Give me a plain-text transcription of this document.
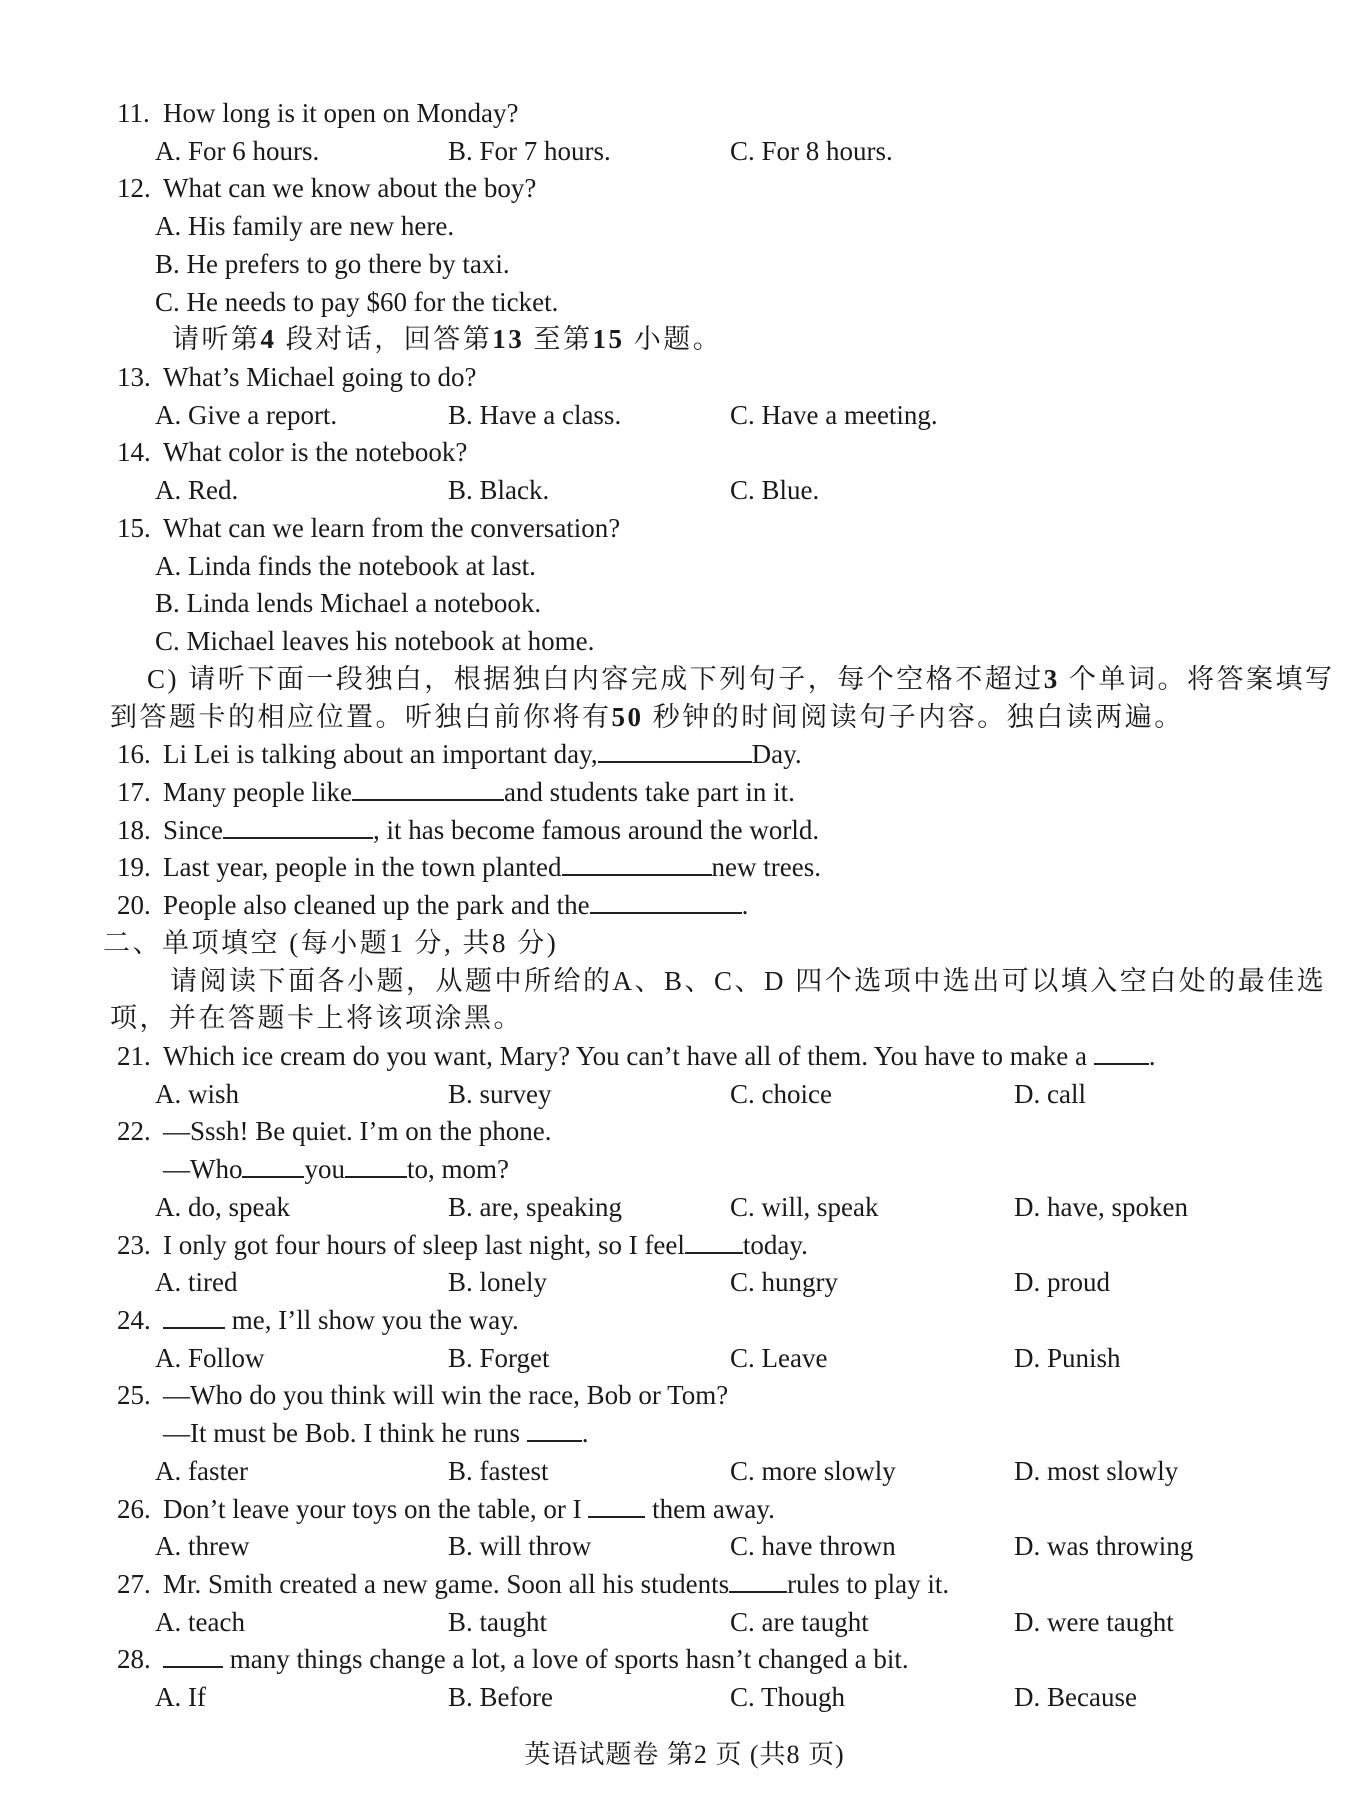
11. How long is it open on Monday?
A. For 6 hours.	B. For 7 hours.	C. For 8 hours.
12. What can we know about the boy?
A. His family are new here.
B. He prefers to go there by taxi.
C. He needs to pay $60 for the ticket.
请听第4 段对话，回答第13 至第15 小题。
13. What’s Michael going to do?
A. Give a report.	B. Have a class.	C. Have a meeting.
14. What color is the notebook?
A. Red.	B. Black.	C. Blue.
15. What can we learn from the conversation?
A. Linda finds the notebook at last.
B. Linda lends Michael a notebook.
C. Michael leaves his notebook at home.
C) 请听下面一段独白，根据独白内容完成下列句子，每个空格不超过3 个单词。将答案填写
到答题卡的相应位置。听独白前你将有50 秒钟的时间阅读句子内容。独白读两遍。
16. Li Lei is talking about an important day,	Day.
17. Many people like	and students take part in it.
18. Since	, it has become famous around the world.
19. Last year, people in the town planted	new trees.
20. People also cleaned up the park and the	.
二、单项填空 (每小题1 分, 共8 分)
请阅读下面各小题，从题中所给的A、B、C、D 四个选项中选出可以填入空白处的最佳选
项，并在答题卡上将该项涂黑。
21. Which ice cream do you want, Mary? You can’t have all of them. You have to make a .
A. wish	B. survey	C. choice	D. call
22. —Sssh! Be quiet. I’m on the phone.
—Who you to, mom?
A. do, speak	B. are, speaking	C. will, speak	D. have, spoken
23. I only got four hours of sleep last night, so I feel today.
A. tired	B. lonely	C. hungry	D. proud
24.	me, I’ll show you the way.
A. Follow	B. Forget	C. Leave	D. Punish
25. —Who do you think will win the race, Bob or Tom?
—It must be Bob. I think he runs .
A. faster	B. fastest	C. more slowly	D. most slowly
26. Don’t leave your toys on the table, or I  them away.
A. threw	B. will throw	C. have thrown	D. was throwing
27. Mr. Smith created a new game. Soon all his students rules to play it.
A. teach	B. taught	C. are taught	D. were taught
28.	many things change a lot, a love of sports hasn’t changed a bit.
A. If	B. Before	C. Though	D. Because
英语试题卷 第2 页 (共8 页)
